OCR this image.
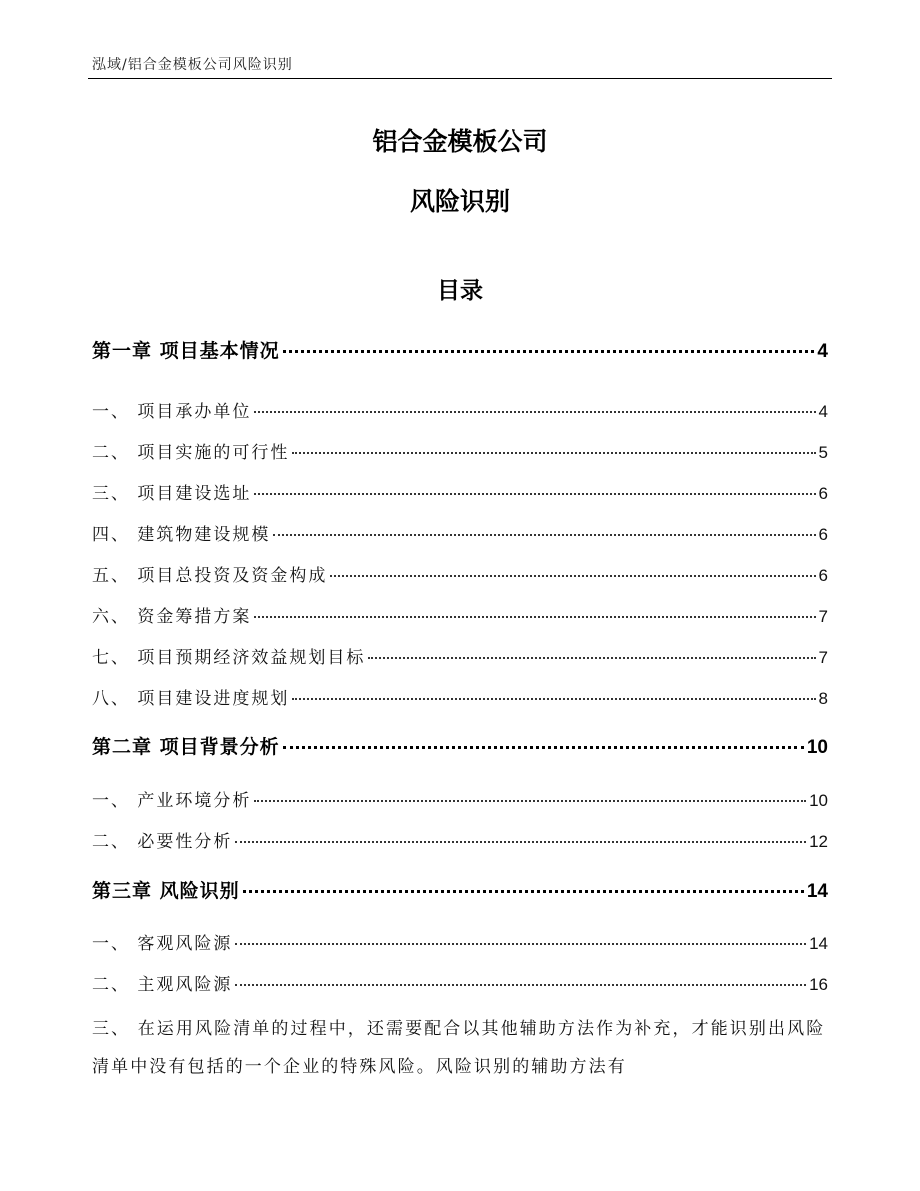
泓域/铝合金模板公司风险识别
铝合金模板公司
风险识别
目录
第一章 项目基本情况	4
一、 项目承办单位	4
二、 项目实施的可行性	5
三、 项目建设选址	6
四、 建筑物建设规模	6
五、 项目总投资及资金构成	6
六、 资金筹措方案	7
七、 项目预期经济效益规划目标	7
八、 项目建设进度规划	8
第二章 项目背景分析	10
一、 产业环境分析	10
二、 必要性分析	12
第三章 风险识别	14
一、 客观风险源	14
二、 主观风险源	16
三、 在运用风险清单的过程中，还需要配合以其他辅助方法作为补充，才能识别出风险清单中没有包括的一个企业的特殊风险。风险识别的辅助方法有
